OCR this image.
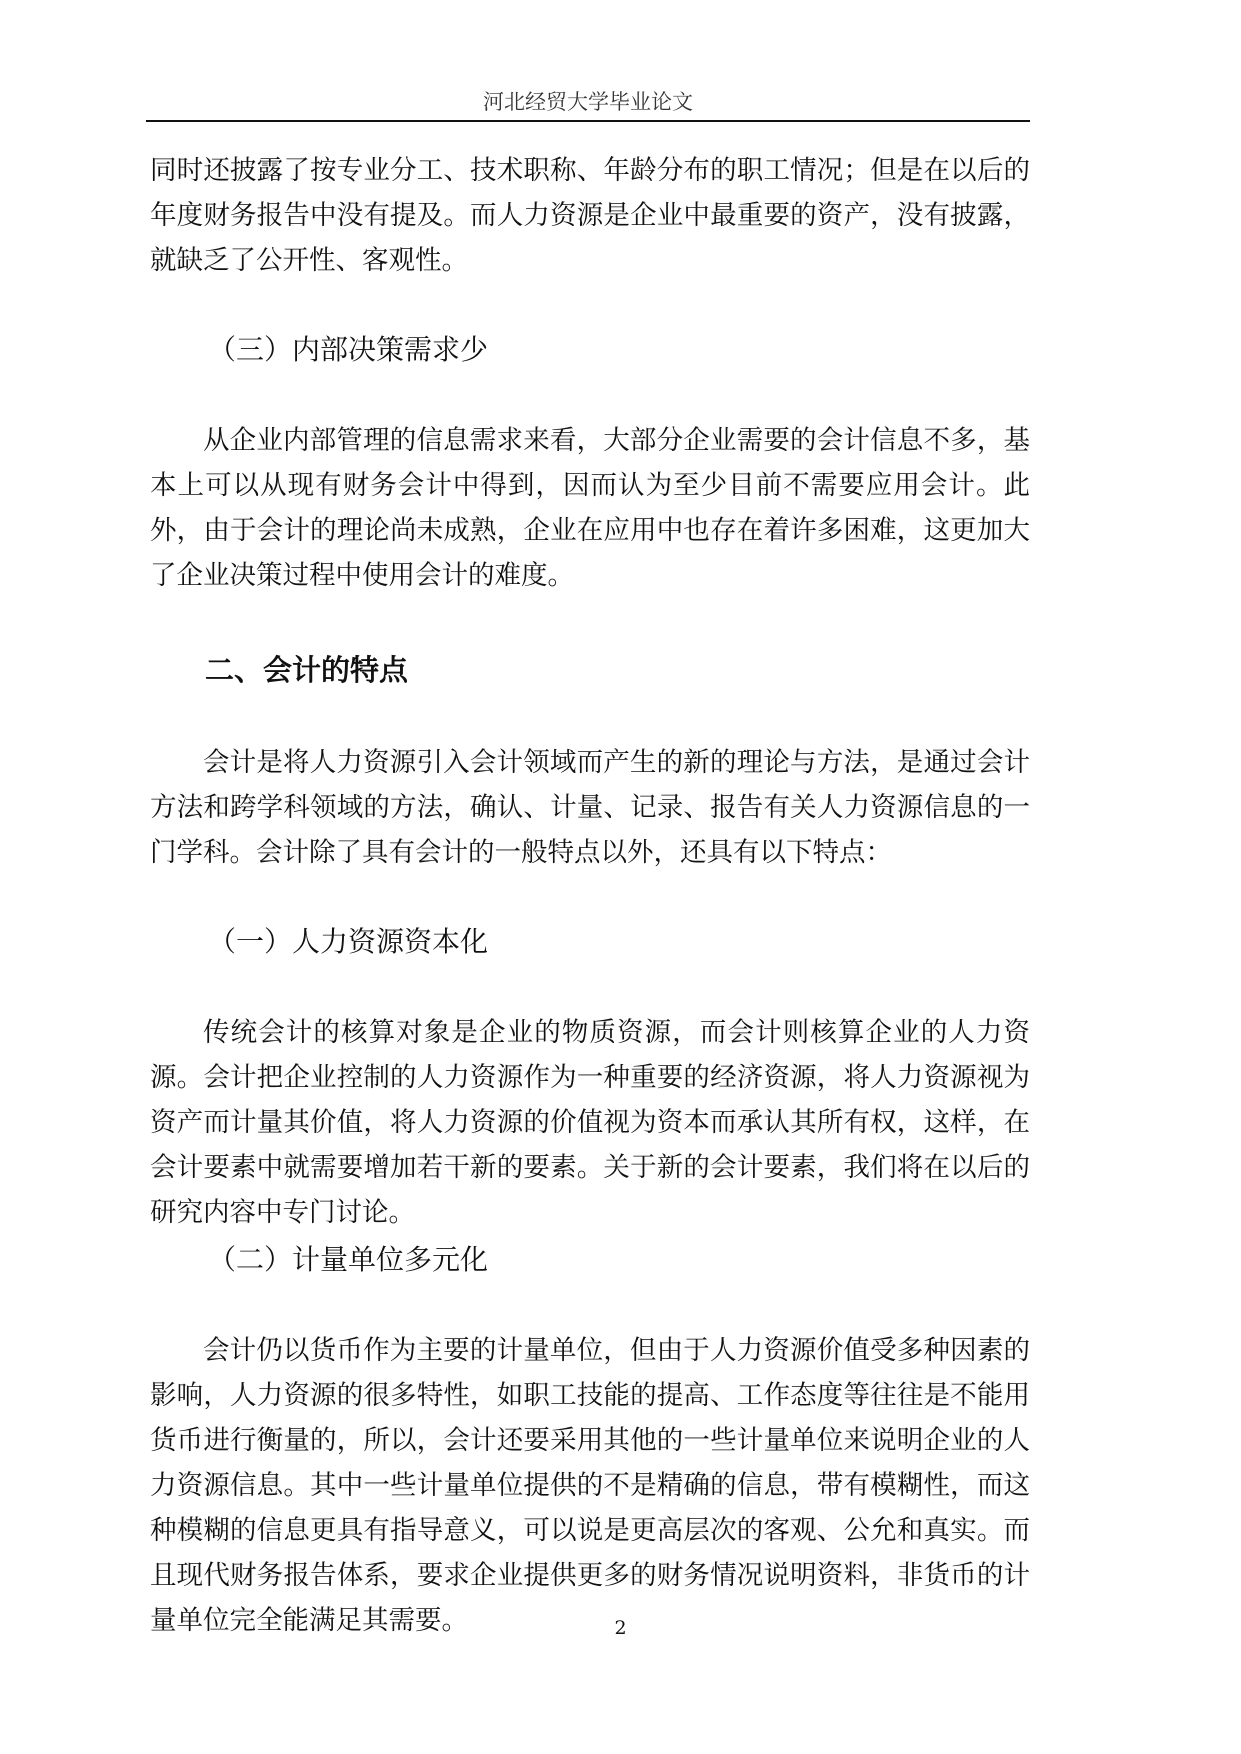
河北经贸大学毕业论文

同时还披露了按专业分工、技术职称、年龄分布的职工情况；但是在以后的年度财务报告中没有提及。而人力资源是企业中最重要的资产，没有披露，就缺乏了公开性、客观性。

（三）内部决策需求少

从企业内部管理的信息需求来看，大部分企业需要的会计信息不多，基本上可以从现有财务会计中得到，因而认为至少目前不需要应用会计。此外，由于会计的理论尚未成熟，企业在应用中也存在着许多困难，这更加大了企业决策过程中使用会计的难度。

二、会计的特点

会计是将人力资源引入会计领域而产生的新的理论与方法，是通过会计方法和跨学科领域的方法，确认、计量、记录、报告有关人力资源信息的一门学科。会计除了具有会计的一般特点以外，还具有以下特点：

（一）人力资源资本化

传统会计的核算对象是企业的物质资源，而会计则核算企业的人力资源。会计把企业控制的人力资源作为一种重要的经济资源，将人力资源视为资产而计量其价值，将人力资源的价值视为资本而承认其所有权，这样，在会计要素中就需要增加若干新的要素。关于新的会计要素，我们将在以后的研究内容中专门讨论。

（二）计量单位多元化

会计仍以货币作为主要的计量单位，但由于人力资源价值受多种因素的影响，人力资源的很多特性，如职工技能的提高、工作态度等往往是不能用货币进行衡量的，所以，会计还要采用其他的一些计量单位来说明企业的人力资源信息。其中一些计量单位提供的不是精确的信息，带有模糊性，而这种模糊的信息更具有指导意义，可以说是更高层次的客观、公允和真实。而且现代财务报告体系，要求企业提供更多的财务情况说明资料，非货币的计量单位完全能满足其需要。	2
